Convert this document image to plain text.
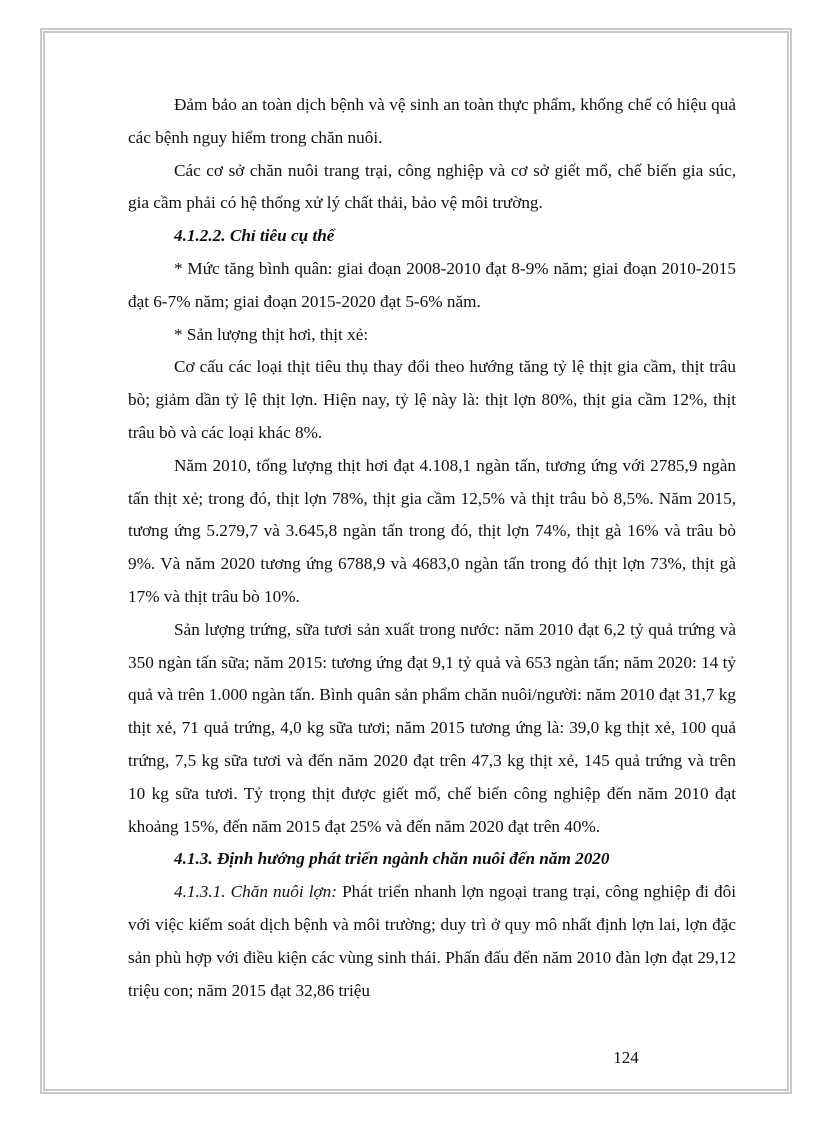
Đảm bảo an toàn dịch bệnh và vệ sinh an toàn thực phẩm, khống chế có hiệu quả các bệnh nguy hiểm trong chăn nuôi.

Các cơ sở chăn nuôi trang trại, công nghiệp và cơ sở giết mổ, chế biến gia súc, gia cầm phải có hệ thống xử lý chất thải, bảo vệ môi trường.

4.1.2.2. Chỉ tiêu cụ thể

* Mức tăng bình quân: giai đoạn 2008-2010 đạt 8-9% năm; giai đoạn 2010-2015 đạt 6-7% năm; giai đoạn 2015-2020 đạt 5-6% năm.

* Sản lượng thịt hơi, thịt xẻ:

Cơ cấu các loại thịt tiêu thụ thay đổi theo hướng tăng tỷ lệ thịt gia cầm, thịt trâu bò; giảm dần tỷ lệ thịt lợn. Hiện nay, tỷ lệ này là: thịt lợn 80%, thịt gia cầm 12%, thịt trâu bò và các loại khác 8%.

Năm 2010, tổng lượng thịt hơi đạt 4.108,1 ngàn tấn, tương ứng với 2785,9 ngàn tấn thịt xẻ; trong đó, thịt lợn 78%, thịt gia cầm 12,5% và thịt trâu bò 8,5%. Năm 2015, tương ứng 5.279,7 và 3.645,8 ngàn tấn trong đó, thịt lợn 74%, thịt gà 16% và trâu bò 9%. Và năm 2020 tương ứng 6788,9 và 4683,0 ngàn tấn trong đó thịt lợn 73%, thịt gà 17% và thịt trâu bò 10%.

Sản lượng trứng, sữa tươi sản xuất trong nước: năm 2010 đạt 6,2 tỷ quả trứng và 350 ngàn tấn sữa; năm 2015: tương ứng đạt 9,1 tỷ quả và 653 ngàn tấn; năm 2020: 14 tỷ quả và trên 1.000 ngàn tấn. Bình quân sản phẩm chăn nuôi/người: năm 2010 đạt 31,7 kg thịt xẻ, 71 quả trứng, 4,0 kg sữa tươi; năm 2015 tương ứng là: 39,0 kg thịt xẻ, 100 quả trứng, 7,5 kg sữa tươi và đến năm 2020 đạt trên 47,3 kg thịt xẻ, 145 quả trứng và trên 10 kg sữa tươi. Tỷ trọng thịt được giết mổ, chế biến công nghiệp đến năm 2010 đạt khoảng 15%, đến năm 2015 đạt 25% và đến năm 2020 đạt trên 40%.

4.1.3. Định hướng phát triển ngành chăn nuôi đến năm 2020

4.1.3.1. Chăn nuôi lợn: Phát triển nhanh lợn ngoại trang trại, công nghiệp đi đôi với việc kiểm soát dịch bệnh và môi trường; duy trì ở quy mô nhất định lợn lai, lợn đặc sản phù hợp với điều kiện các vùng sinh thái. Phấn đấu đến năm 2010 đàn lợn đạt 29,12 triệu con; năm 2015 đạt 32,86 triệu

124
